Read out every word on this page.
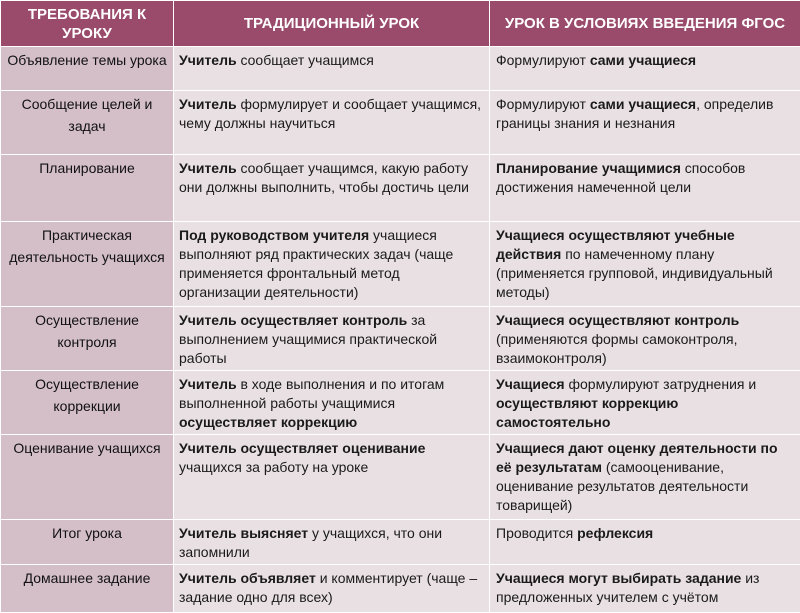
ТРЕБОВАНИЯ К УРОКУ	ТРАДИЦИОННЫЙ УРОК	УРОК В УСЛОВИЯХ ВВЕДЕНИЯ ФГОС
Объявление темы урока	Учитель сообщает учащимся	Формулируют сами учащиеся
Сообщение целей и задач	Учитель формулирует и сообщает учащимся, чему должны научиться	Формулируют сами учащиеся, определив границы знания и незнания
Планирование	Учитель сообщает учащимся, какую работу они должны выполнить, чтобы достичь цели	Планирование учащимися способов достижения намеченной цели
Практическая деятельность учащихся	Под руководством учителя учащиеся выполняют ряд практических задач (чаще применяется фронтальный метод организации деятельности)	Учащиеся осуществляют учебные действия по намеченному плану (применяется групповой, индивидуальный методы)
Осуществление контроля	Учитель осуществляет контроль за выполнением учащимися практической работы	Учащиеся осуществляют контроль (применяются формы самоконтроля, взаимоконтроля)
Осуществление коррекции	Учитель в ходе выполнения и по итогам выполненной работы учащимися осуществляет коррекцию	Учащиеся формулируют затруднения и осуществляют коррекцию самостоятельно
Оценивание учащихся	Учитель осуществляет оценивание учащихся за работу на уроке	Учащиеся дают оценку деятельности по её результатам (самооценивание, оценивание результатов деятельности товарищей)
Итог урока	Учитель выясняет у учащихся, что они запомнили	Проводится рефлексия
Домашнее задание	Учитель объявляет и комментирует (чаще – задание одно для всех)	Учащиеся могут выбирать задание из предложенных учителем с учётом
